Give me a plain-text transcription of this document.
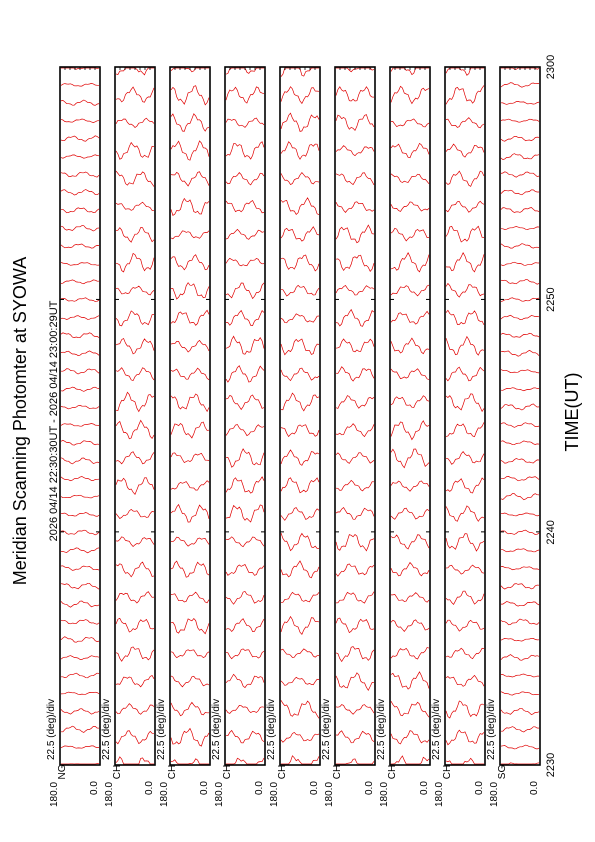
Meridian Scanning Photomter at SYOWA 2026 04/14 22:30:30UT - 2026 04/14 23:00:29UT	TIME(UT)
22.5 (deg)/div
NG
180.0	0.0
22.5 (deg)/div
CH
180.0	0.0
22.5 (deg)/div
CH
180.0	0.0
22.5 (deg)/div
CH
180.0	0.0
22.5 (deg)/div
CH
180.0	0.0
22.5 (deg)/div
CH
180.0	0.0
22.5 (deg)/div
CH
180.0	0.0
22.5 (deg)/div
CH
180.0	0.0
22.5 (deg)/div
SG
180.0	0.0
2230
2240
2250
2300
